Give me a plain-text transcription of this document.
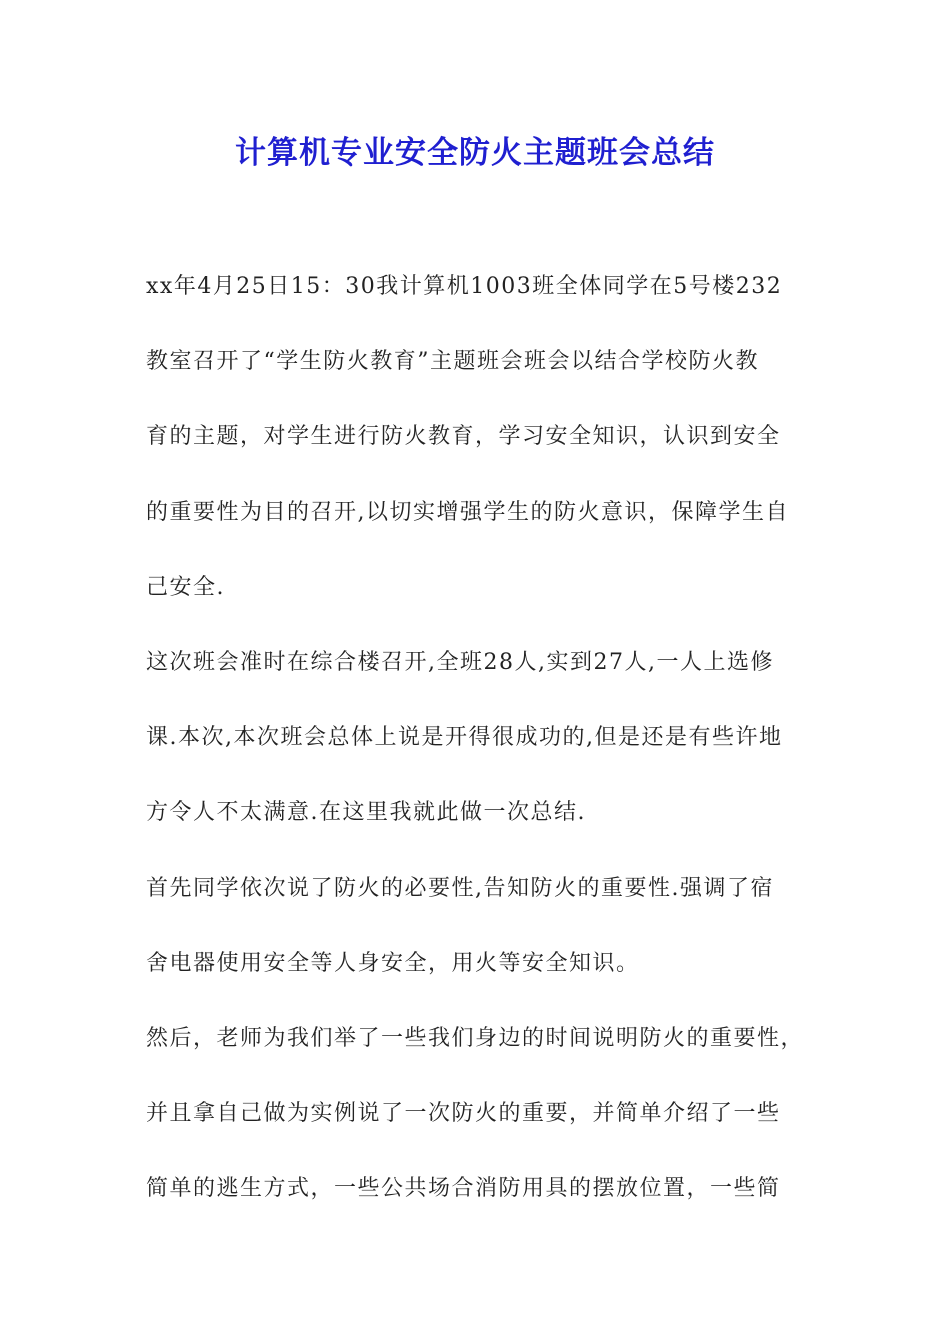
计算机专业安全防火主题班会总结
xx年4月25日15：30我计算机1003班全体同学在5号楼232
教室召开了“学生防火教育”主题班会班会以结合学校防火教
育的主题，对学生进行防火教育，学习安全知识，认识到安全
的重要性为目的召开,以切实增强学生的防火意识，保障学生自
己安全.
这次班会准时在综合楼召开,全班28人,实到27人,一人上选修
课.本次,本次班会总体上说是开得很成功的,但是还是有些许地
方令人不太满意.在这里我就此做一次总结.
首先同学依次说了防火的必要性,告知防火的重要性.强调了宿
舍电器使用安全等人身安全，用火等安全知识。
然后，老师为我们举了一些我们身边的时间说明防火的重要性，
并且拿自己做为实例说了一次防火的重要，并简单介绍了一些
简单的逃生方式，一些公共场合消防用具的摆放位置，一些简
